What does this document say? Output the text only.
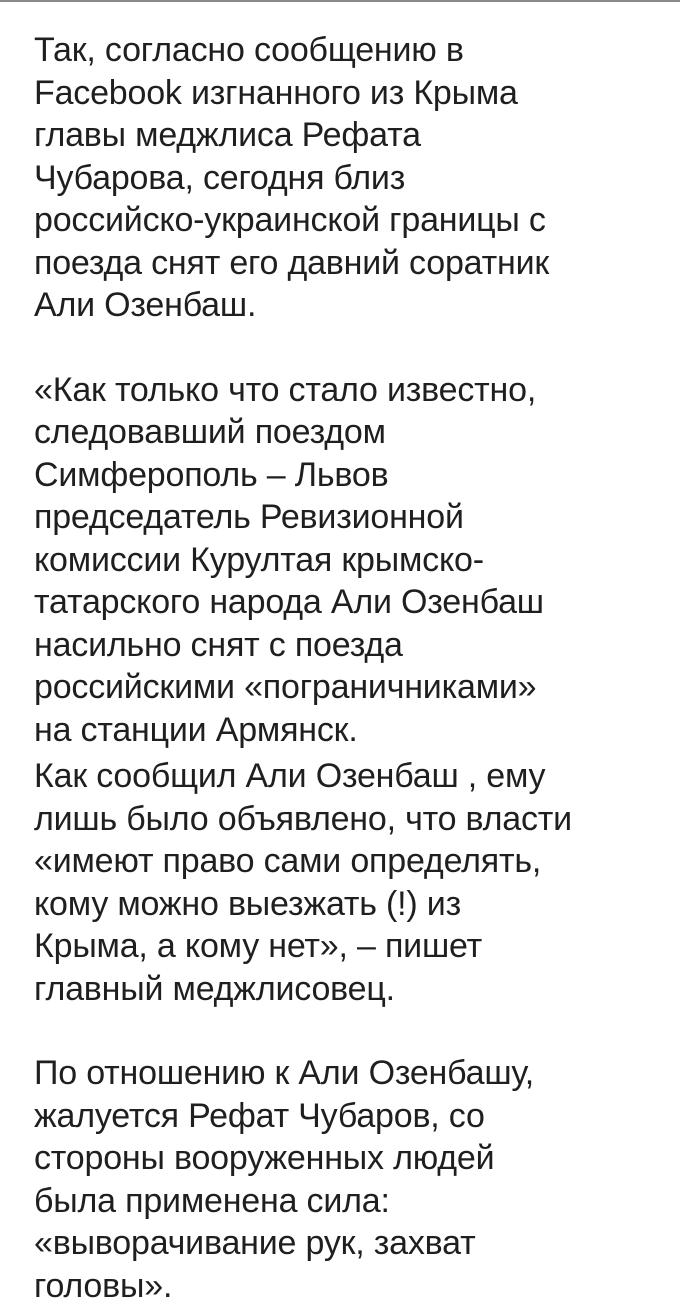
Так, согласно сообщению в
Facebook изгнанного из Крыма
главы меджлиса Рефата
Чубарова, сегодня близ
российско-украинской границы с
поезда снят его давний соратник
Али Озенбаш.

«Как только что стало известно,
следовавший поездом
Симферополь – Львов
председатель Ревизионной
комиссии Курултая крымско-
татарского народа Али Озенбаш
насильно снят с поезда
российскими «пограничниками»
на станции Армянск.

Как сообщил Али Озенбаш , ему
лишь было объявлено, что власти
«имеют право сами определять,
кому можно выезжать (!) из
Крыма, а кому нет», – пишет
главный меджлисовец.

По отношению к Али Озенбашу,
жалуется Рефат Чубаров, со
стороны вооруженных людей
была применена сила:
«выворачивание рук, захват
головы».
